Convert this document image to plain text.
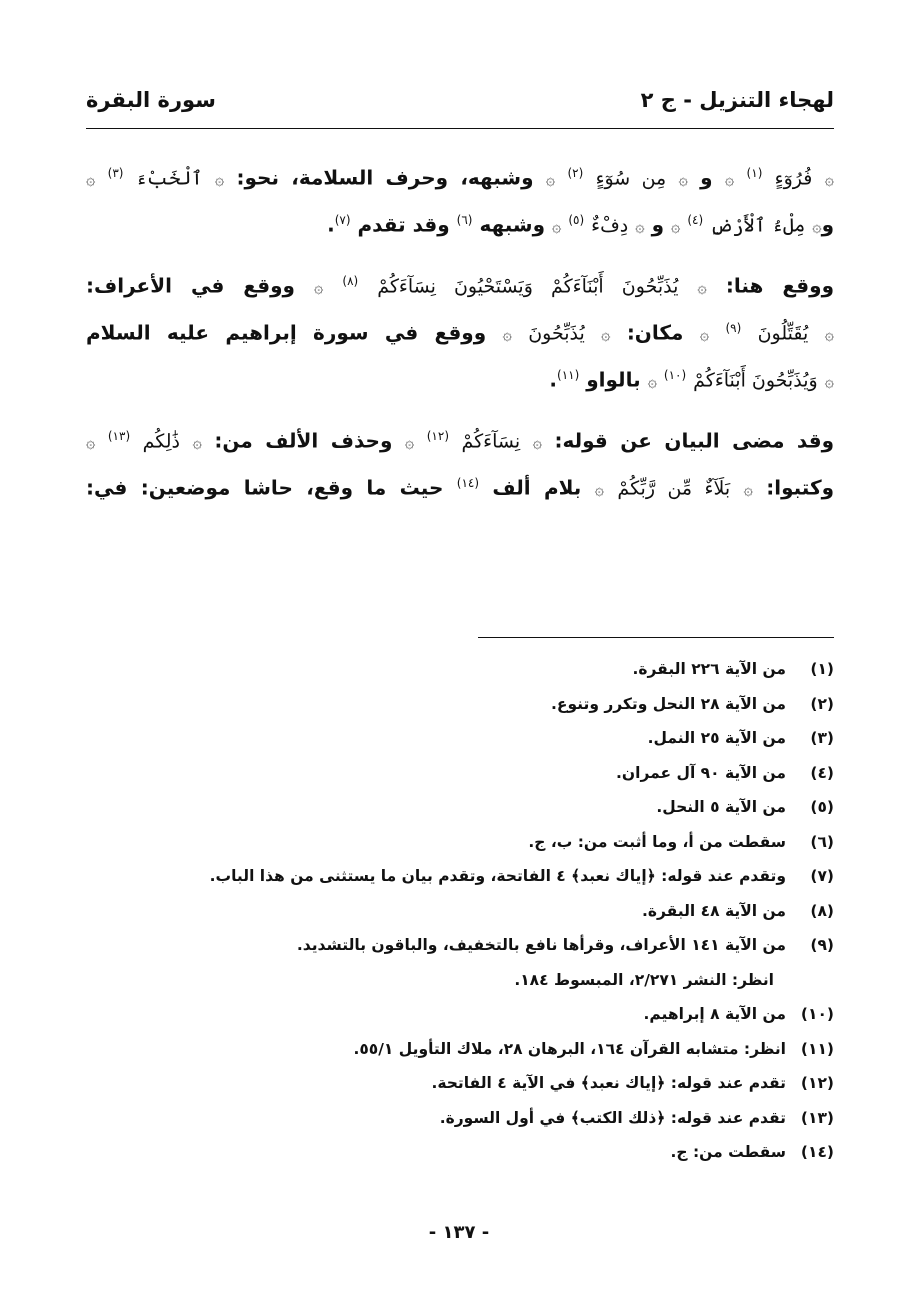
لهجاء التنزيل - ج ٢
سورة البقرة
۞ فُرُوٓءٍ $^{(١)}$ ۞ و ۞ مِن سُوٓءٍ $^{(٢)}$ ۞ وشبهه، وحرف السلامة، نحو: ۞ ٱلْخَبْءَ $^{(٣)}$ ۞
و۞ مِلْءُ ٱلْأَرْضِ $^{(٤)}$ ۞ و ۞ دِفْءٌ $^{(٥)}$ ۞ وشبهه $^{(٦)}$ وقد تقدم $^{(٧)}$.
ووقع هنا: ۞ يُذَبِّحُونَ أَبْنَآءَكُمْ وَيَسْتَحْيُونَ نِسَآءَكُمْ $^{(٨)}$ ۞ ووقع في الأعراف:
۞ يُقَتِّلُونَ $^{(٩)}$ ۞ مكان: ۞ يُذَبِّحُونَ ۞ ووقع في سورة إبراهيم عليه السلام
۞ وَيُذَبِّحُونَ أَبْنَآءَكُمْ $^{(١٠)}$ ۞ بالواو $^{(١١)}$.
وقد مضى البيان عن قوله: ۞ نِسَآءَكُمْ $^{(١٢)}$ ۞ وحذف الألف من: ۞ ذَٰلِكُم $^{(١٣)}$ ۞
وكتبوا: ۞ بَلَآءٌ مِّن رَّبِّكُمْ ۞ بلام ألف $^{(١٤)}$ حيث ما وقع، حاشا موضعين: في:
(١)من الآية ٢٢٦ البقرة.
(٢)من الآية ٢٨ النحل وتكرر وتنوع.
(٣)من الآية ٢٥ النمل.
(٤)من الآية ٩٠ آل عمران.
(٥)من الآية ٥ النحل.
(٦)سقطت من أ، وما أثبت من: ب، ج.
(٧)وتقدم عند قوله: ﴿إياك نعبد﴾ ٤ الفاتحة، وتقدم بيان ما يستثنى من هذا الباب.
(٨)من الآية ٤٨ البقرة.
(٩)من الآية ١٤١ الأعراف، وقرأها نافع بالتخفيف، والباقون بالتشديد.
انظر: النشر ٢/٢٧١، المبسوط ١٨٤.
(١٠)من الآية ٨ إبراهيم.
(١١)انظر: متشابه القرآن ١٦٤، البرهان ٢٨، ملاك التأويل ٥٥/١.
(١٢)تقدم عند قوله: ﴿إياك نعبد﴾ في الآية ٤ الفاتحة.
(١٣)تقدم عند قوله: ﴿ذلك الكتب﴾ في أول السورة.
(١٤)سقطت من: ج.
- ١٣٧ -
